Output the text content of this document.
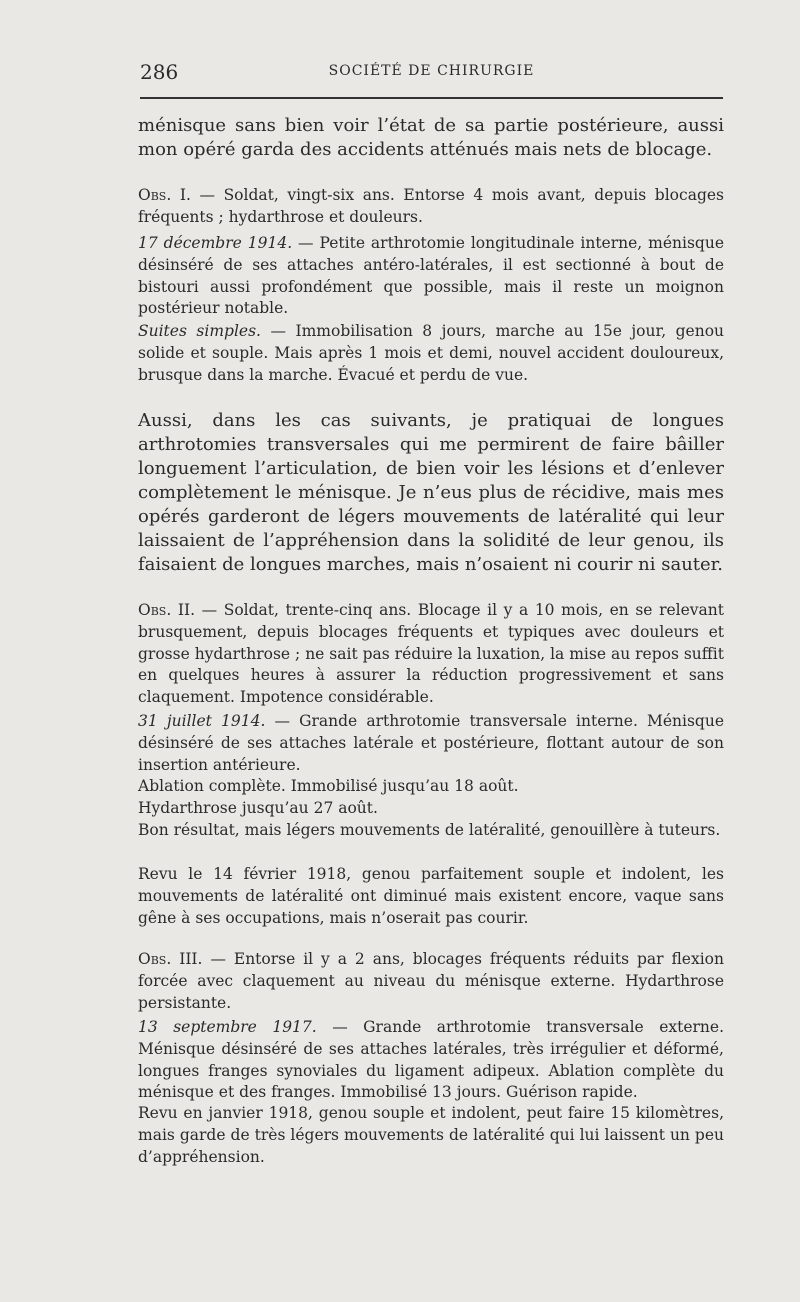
286	SOCIÉTÉ DE CHIRURGIE
ménisque sans bien voir l’état de sa partie postérieure, aussi mon opéré garda des accidents atténués mais nets de blocage.
Obs. I. — Soldat, vingt-six ans. Entorse 4 mois avant, depuis blocages fréquents ; hydarthrose et douleurs.
17 décembre 1914. — Petite arthrotomie longitudinale interne, ménisque désinséré de ses attaches antéro-latérales, il est sectionné à bout de bistouri aussi profondément que possible, mais il reste un moignon postérieur notable.
Suites simples. — Immobilisation 8 jours, marche au 15e jour, genou solide et souple. Mais après 1 mois et demi, nouvel accident douloureux, brusque dans la marche. Évacué et perdu de vue.
Aussi, dans les cas suivants, je pratiquai de longues arthrotomies transversales qui me permirent de faire bâiller longuement l’articulation, de bien voir les lésions et d’enlever complètement le ménisque. Je n’eus plus de récidive, mais mes opérés garderont de légers mouvements de latéralité qui leur laissaient de l’appréhension dans la solidité de leur genou, ils faisaient de longues marches, mais n’osaient ni courir ni sauter.
Obs. II. — Soldat, trente-cinq ans. Blocage il y a 10 mois, en se relevant brusquement, depuis blocages fréquents et typiques avec douleurs et grosse hydarthrose ; ne sait pas réduire la luxation, la mise au repos suffit en quelques heures à assurer la réduction progressivement et sans claquement. Impotence considérable.
31 juillet 1914. — Grande arthrotomie transversale interne. Ménisque désinséré de ses attaches latérale et postérieure, flottant autour de son insertion antérieure.
Ablation complète. Immobilisé jusqu’au 18 août.
Hydarthrose jusqu’au 27 août.
Bon résultat, mais légers mouvements de latéralité, genouillère à tuteurs.
Revu le 14 février 1918, genou parfaitement souple et indolent, les mouvements de latéralité ont diminué mais existent encore, vaque sans gêne à ses occupations, mais n’oserait pas courir.
Obs. III. — Entorse il y a 2 ans, blocages fréquents réduits par flexion forcée avec claquement au niveau du ménisque externe. Hydarthrose persistante.
13 septembre 1917. — Grande arthrotomie transversale externe. Ménisque désinséré de ses attaches latérales, très irrégulier et déformé, longues franges synoviales du ligament adipeux. Ablation complète du ménisque et des franges. Immobilisé 13 jours. Guérison rapide.
Revu en janvier 1918, genou souple et indolent, peut faire 15 kilomètres, mais garde de très légers mouvements de latéralité qui lui laissent un peu d’appréhension.
